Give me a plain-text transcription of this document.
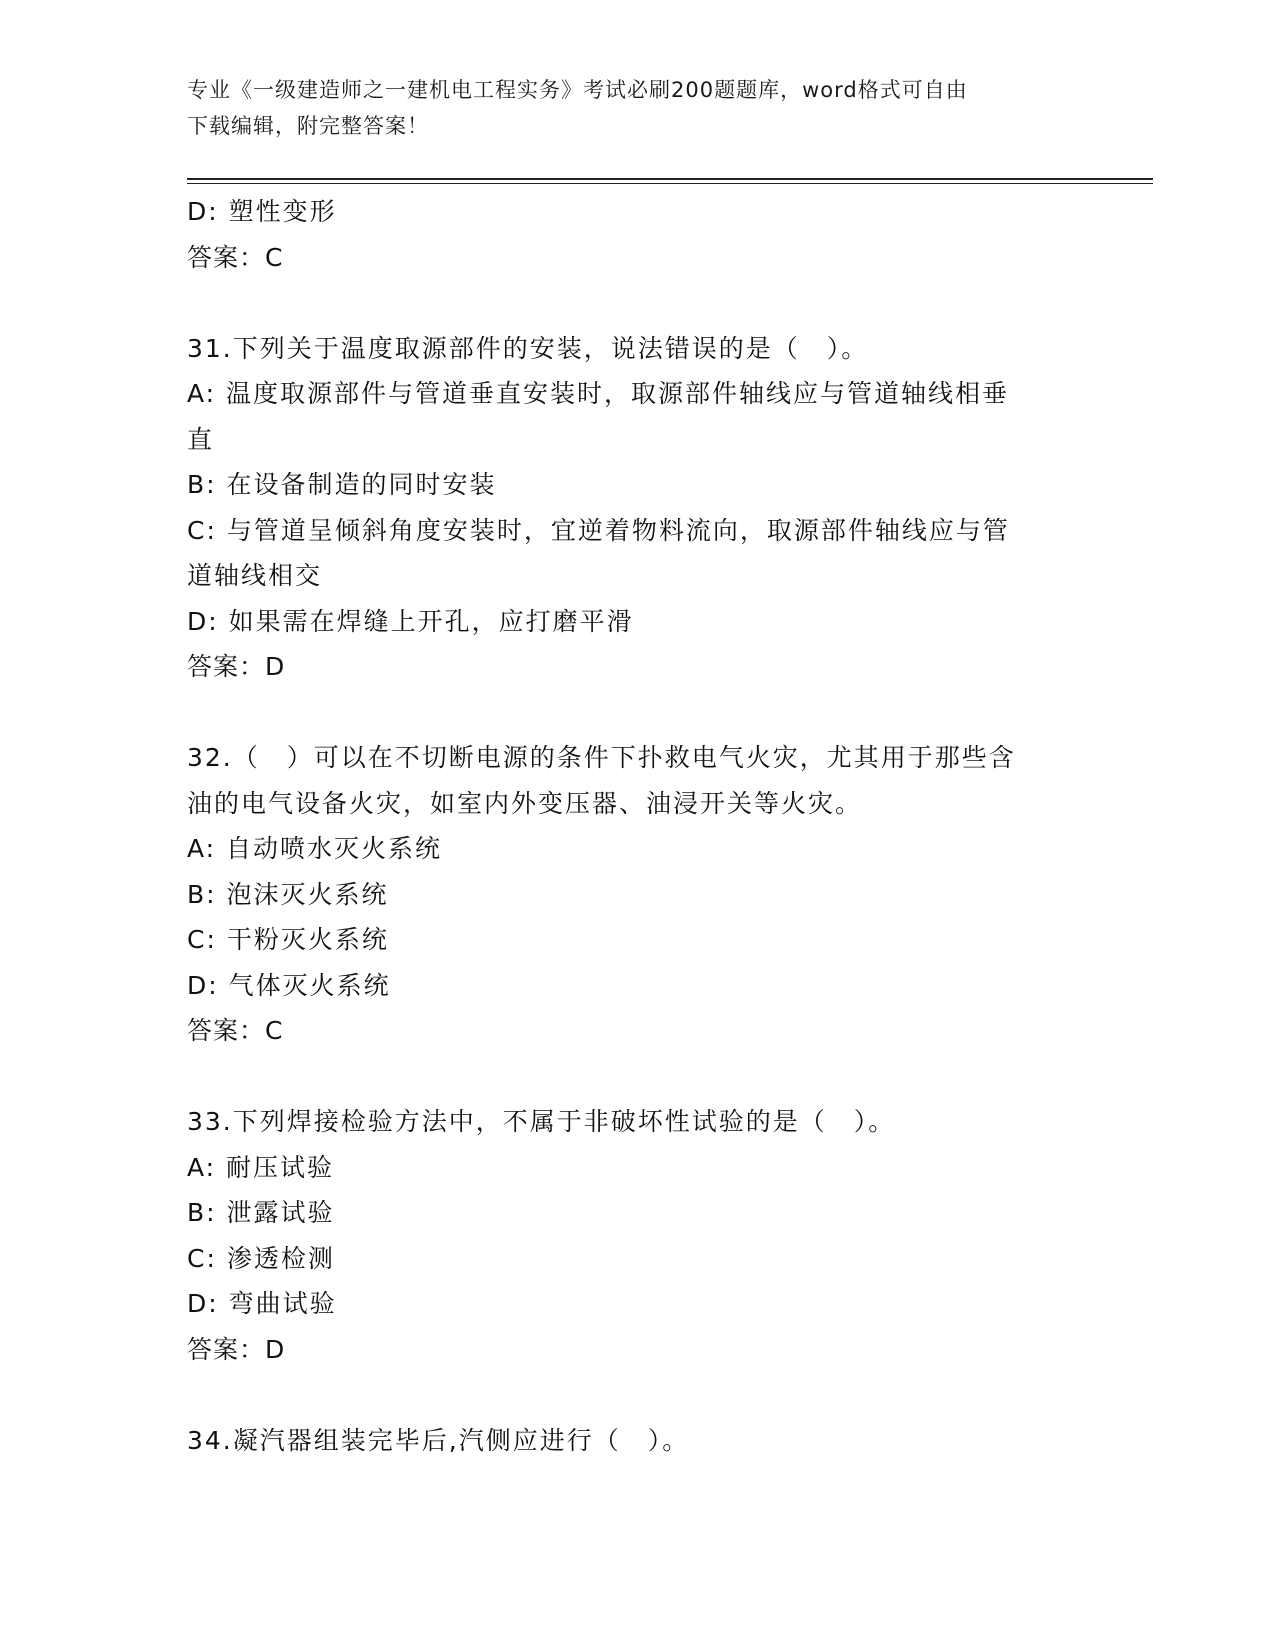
专业《一级建造师之一建机电工程实务》考试必刷200题题库，word格式可自由
下载编辑，附完整答案！

D: 塑性变形

答案：C

31.下列关于温度取源部件的安装，说法错误的是（　）。

A: 温度取源部件与管道垂直安装时，取源部件轴线应与管道轴线相垂

直

B: 在设备制造的同时安装

C: 与管道呈倾斜角度安装时，宜逆着物料流向，取源部件轴线应与管

道轴线相交

D: 如果需在焊缝上开孔，应打磨平滑

答案：D

32.（　）可以在不切断电源的条件下扑救电气火灾，尤其用于那些含

油的电气设备火灾，如室内外变压器、油浸开关等火灾。

A: 自动喷水灭火系统

B: 泡沫灭火系统

C: 干粉灭火系统

D: 气体灭火系统

答案：C

33.下列焊接检验方法中，不属于非破坏性试验的是（　）。

A: 耐压试验

B: 泄露试验

C: 渗透检测

D: 弯曲试验

答案：D

34.凝汽器组装完毕后,汽侧应进行（　）。
